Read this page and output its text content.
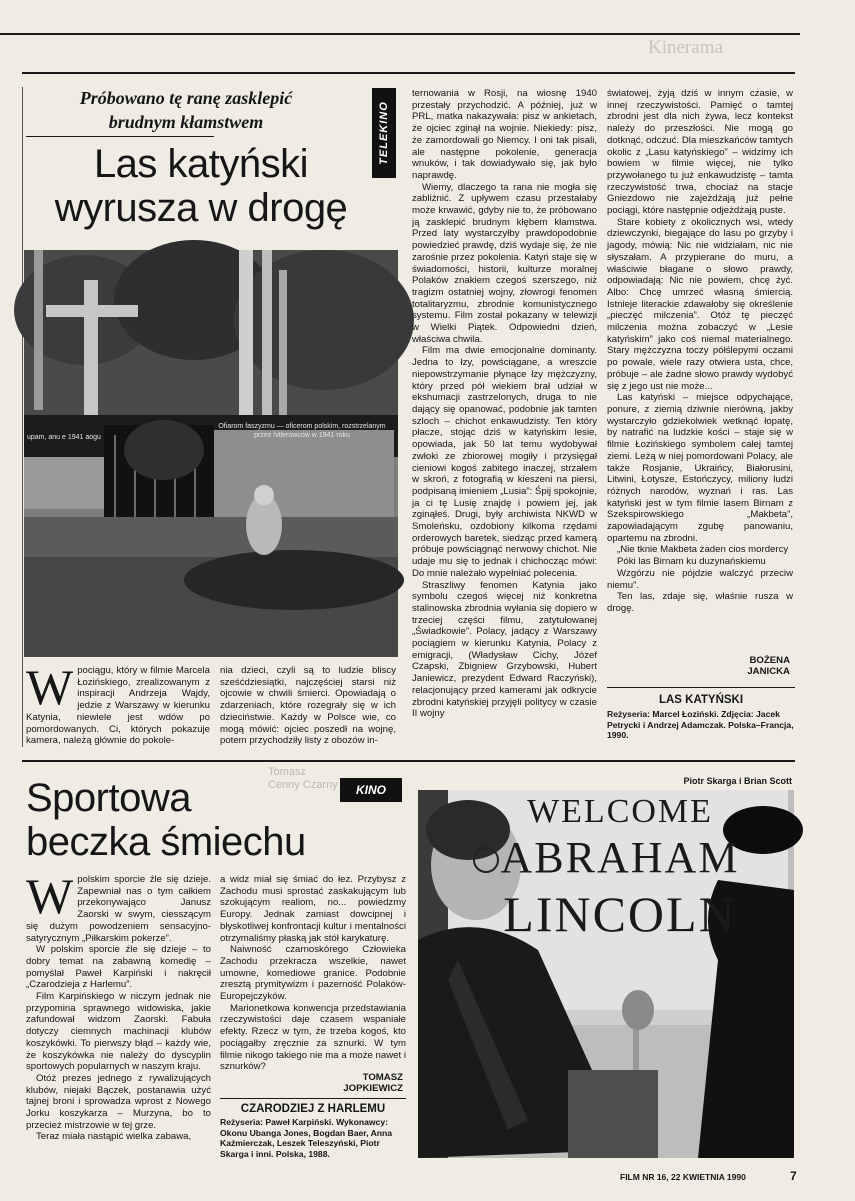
Kinerama
Próbowano tę ranę zasklepić
brudnym kłamstwem	TELEKINO
Las katyński
wyrusza w drogę
Ofiarom faszyzmu — oficerom polskim, rozstrzelanym przez hitlerowców w 1941 roku
upam, anu e 1941 aogu
Wpociągu, który w filmie Marcela Łozińskiego, zrealizowanym z inspiracji Andrzeja Wajdy, jedzie z Warszawy w kierunku Katynia, niewiele jest wdów po pomordowanych. Ci, których pokazuje kamera, należą głównie do pokole-

nia dzieci, czyli są to ludzie bliscy sześćdziesiątki, najczęściej starsi niż ojcowie w chwili śmierci. Opowiadają o zdarzeniach, które rozegrały się w ich dzieciństwie. Każdy w Polsce wie, co mogą mówić: ojciec poszedł na wojnę, potem przychodziły listy z obozów in-

ternowania w Rosji, na wiosnę 1940 przestały przychodzić. A później, już w PRL, matka nakazywała: pisz w ankietach, że ojciec zginął na wojnie. Niekiedy: pisz, że zamordowali go Niemcy. I oni tak pisali, ale następne pokolenie, generacja wnuków, i tak dowiadywało się, jak było naprawdę.

Wiemy, dlaczego ta rana nie mogła się zabliźnić. Z upływem czasu przestałaby może krwawić, gdyby nie to, że próbowano ją zasklepić brudnym kłębem kłamstwa. Przed laty wystarczyłby prawdopodobnie powiedzieć prawdę, dziś wydaje się, że nie zarośnie przez pokolenia. Katyń staje się w świadomości, historii, kulturze moralnej Polaków znakiem czegoś szerszego, niż tragizm ostatniej wojny, złowrogi fenomen totalitaryzmu, zbrodnie komunistycznego systemu. Film został pokazany w telewizji w Wielki Piątek. Odpowiedni dzień, właściwa chwila.

Film ma dwie emocjonalne dominanty. Jedna to łzy, powściągane, a wreszcie niepowstrzymanie płynące łzy mężczyzny, który przed pół wiekiem brał udział w ekshumacji zastrzelonych, druga to nie dający się opanować, podobnie jak tamten szloch – chichot enkawudzisty. Ten który płacze, stojąc dziś w katyńskim lesie, opowiada, jak 50 lat temu wydobywał zwłoki ze zbiorowej mogiły i przysięgał cieniowi kogoś zabitego inaczej, strzałem w skroń, z fotografią w kieszeni na piersi, podpisaną imieniem „Lusia”: Śpij spokojnie, ja ci tę Lusię znajdę i powiem jej, jak zginąłeś. Drugi, były archiwista NKWD w Smoleńsku, ozdobiony kilkoma rzędami orderowych baretek, siedząc przed kamerą próbuje powściągnąć nerwowy chichot. Nie udaje mu się to jednak i chichocząc mówi: Do mnie należało wypełniać polecenia.

Straszliwy fenomen Katynia jako symbolu czegoś więcej niż konkretna stalinowska zbrodnia wyłania się dopiero w trzeciej części filmu, zatytułowanej „Świadkowie”. Polacy, jadący z Warszawy pociągiem w kierunku Katynia, Polacy z emigracji, (Władysław Cichy, Józef Czapski, Zbigniew Grzybowski, Hubert Janiewicz, prezydent Edward Raczyński), relacjonujący przed kamerami jak odkrycie zbrodni katyńskiej przyjęli politycy w czasie II wojny

światowej, żyją dziś w innym czasie, w innej rzeczywistości. Pamięć o tamtej zbrodni jest dla nich żywa, lecz kontekst należy do przeszłości. Nie mogą go dotknąć, odczuć. Dla mieszkańców tamtych okolic z „Lasu katyńskiego” – widzimy ich bowiem w filmie więcej, nie tylko przywołanego tu już enkawudzistę – tamta rzeczywistość trwa, chociaż na stacje Gniezdowo nie zajeżdżają już pełne pociągi, które następnie odjeżdżają puste.

Stare kobiety z okolicznych wsi, wtedy dziewczynki, biegające do lasu po grzyby i jagody, mówią: Nic nie widziałam, nic nie słyszałam. A przypierane do muru, a właściwie błagane o słowo prawdy, odpowiadają: Nic nie powiem, chcę żyć. Albo: Chcę umrzeć własną śmiercią. Istnieje literackie zdawałoby się określenie „pieczęć milczenia”. Otóż tę pieczęć milczenia można zobaczyć w „Lesie katyńskim” jako coś niemal materialnego. Stary mężczyzna toczy półślepymi oczami po powale, wiele razy otwiera usta, chce, próbuje – ale żadne słowo prawdy wydobyć się z jego ust nie może...

Las katyński – miejsce odpychające, ponure, z ziemią dziwnie nierówną, jakby wystarczyło gdziekolwiek wetknąć łopatę, by natrafić na ludzkie kości – staje się w filmie Łozińskiego symbolem całej tamtej ziemi. Leżą w niej pomordowani Polacy, ale także Rosjanie, Ukraińcy, Białorusini, Litwini, Łotysze, Estończycy, miliony ludzi różnych narodów, wyznań i ras. Las katyński jest w tym filmie lasem Birnam z Szekspirowskiego „Makbeta”, zapowiadającym zgubę panowaniu, opartemu na zbrodni.

„Nie tknie Makbeta żaden cios mordercy

Póki las Birnam ku duzynańskiemu

Wzgórzu nie pójdzie walczyć przeciw niemu”.

Ten las, zdaje się, właśnie rusza w drogę.

BOŻENA
JANICKA
LAS KATYŃSKI
Reżyseria: Marcel Łoziński. Zdjęcia: Jacek Petrycki i Andrzej Adamczak. Polska–Francja, 1990.
Tomasz
Cenny Czarny	KINO
Sportowa
beczka śmiechu
Piotr Skarga i Brian Scott
WELCOME
ABRAHAM
LINCOLN

Wpolskim sporcie źle się dzieje. Zapewniał nas o tym całkiem przekonywająco Janusz Zaorski w swym, ciesszącym się dużym powodzeniem sensacyjno-satyrycznym „Piłkarskim pokerze”.

W polskim sporcie źle się dzieje – to dobry temat na zabawną komedię – pomyślał Paweł Karpiński i nakręcił „Czarodzieja z Harlemu”.

Film Karpińskiego w niczym jednak nie przypomina sprawnego widowiska, jakie zafundował widzom Zaorski. Fabuła dotyczy ciemnych machinacji klubów koszykówki. To pierwszy błąd – każdy wie, że koszykówka nie należy do dyscyplin sportowych popularnych w naszym kraju.

Otóż prezes jednego z rywalizujących klubów, niejaki Bączek, postanawia użyć tajnej broni i sprowadza wprost z Nowego Jorku koszykarza – Murzyna, bo to przecież mistrzowie w tej grze.

Teraz miała nastąpić wielka zabawa,

a widz miał się śmiać do łez. Przybysz z Zachodu musi sprostać zaskakującym lub szokującym realiom, no... powiedzmy Europy. Jednak zamiast dowcipnej i błyskotliwej konfrontacji kultur i mentalności otrzymaliśmy płaską jak stół karykaturę.

Naiwność czarnoskórego Człowieka Zachodu przekracza wszelkie, nawet umowne, komediowe granice. Podobnie zresztą prymitywizm i pazerność Polaków-Europejczyków.

Marionetkowa konwencja przedstawiania rzeczywistości daje czasem wspaniałe efekty. Rzecz w tym, że trzeba kogoś, kto pociągałby zręcznie za sznurki. W tym filmie nikogo takiego nie ma a może nawet i sznurków?

TOMASZ
JOPKIEWICZ
CZARODZIEJ Z HARLEMU
Reżyseria: Paweł Karpiński. Wykonawcy: Okonu Ubanga Jones, Bogdan Baer, Anna Kaźmierczak, Leszek Teleszyński, Piotr Skarga i inni. Polska, 1988.
FILM NR 16, 22 KWIETNIA 1990	7
